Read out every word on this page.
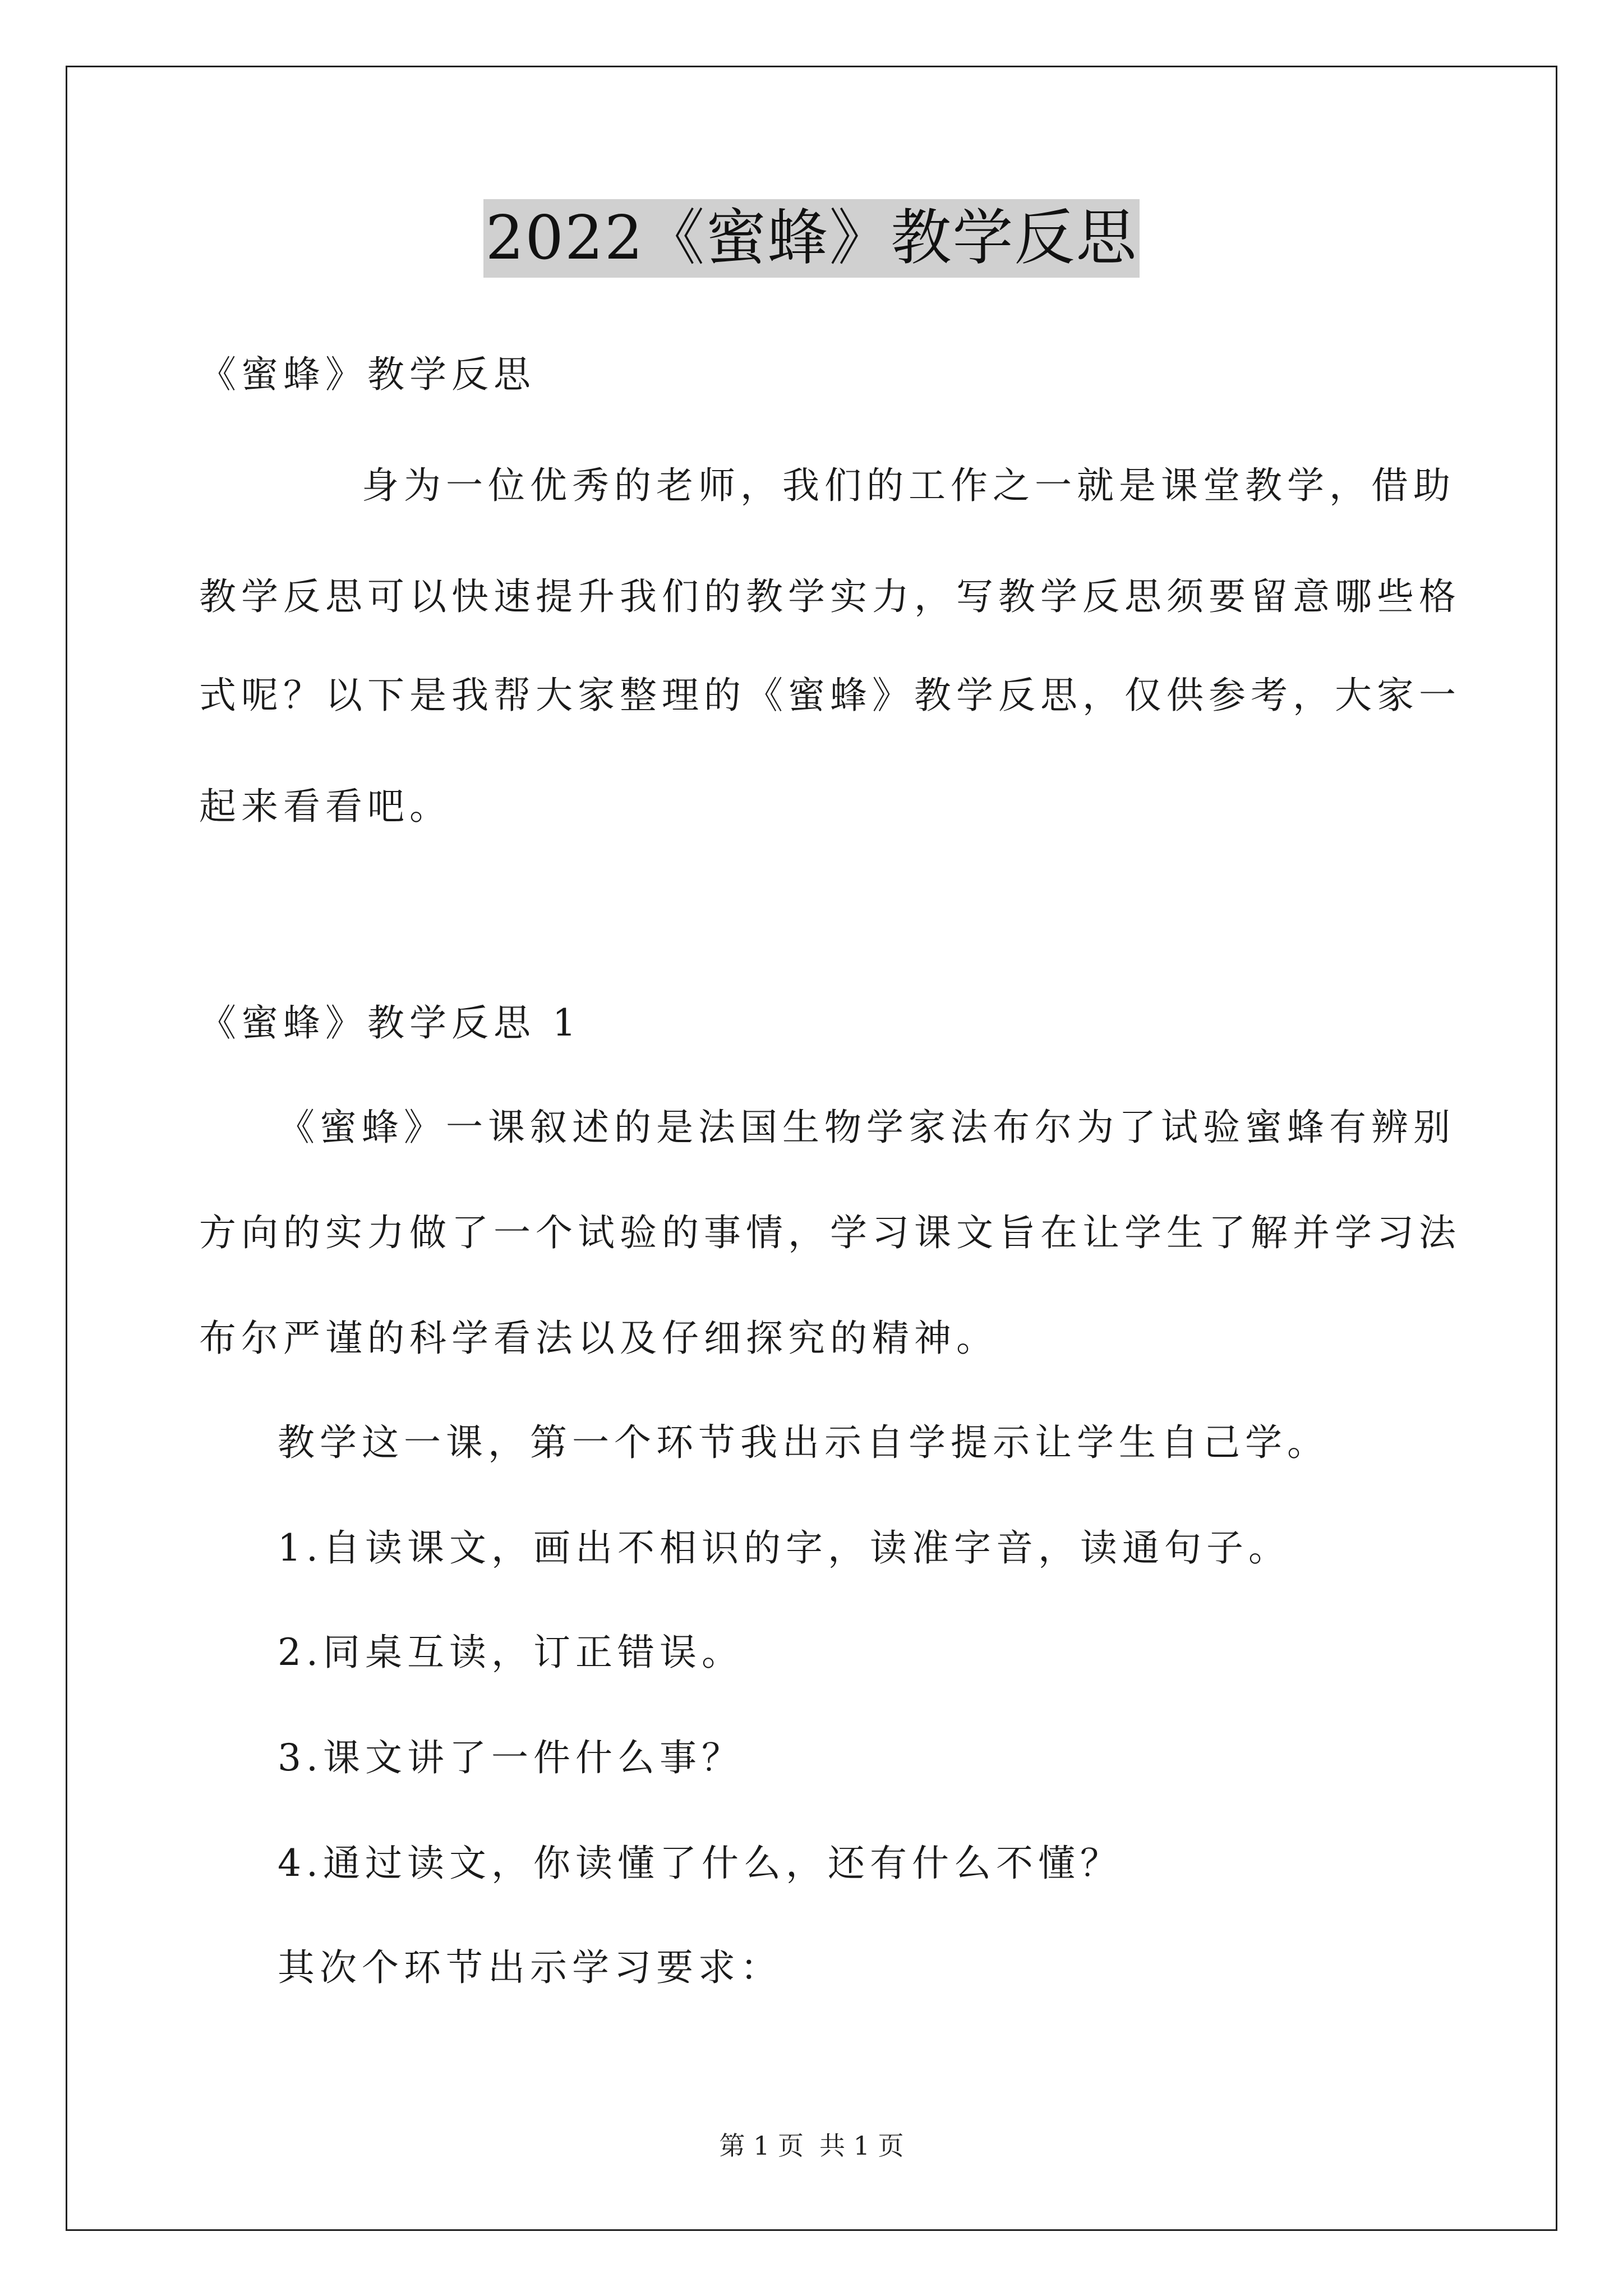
2022《蜜蜂》教学反思
《蜜蜂》教学反思
身为一位优秀的老师，我们的工作之一就是课堂教学，借助
教学反思可以快速提升我们的教学实力，写教学反思须要留意哪些格
式呢？以下是我帮大家整理的《蜜蜂》教学反思，仅供参考，大家一
起来看看吧。
《蜜蜂》教学反思 1
《蜜蜂》一课叙述的是法国生物学家法布尔为了试验蜜蜂有辨别
方向的实力做了一个试验的事情，学习课文旨在让学生了解并学习法
布尔严谨的科学看法以及仔细探究的精神。
教学这一课，第一个环节我出示自学提示让学生自己学。
1.自读课文，画出不相识的字，读准字音，读通句子。
2.同桌互读，订正错误。
3.课文讲了一件什么事？
4.通过读文，你读懂了什么，还有什么不懂？
其次个环节出示学习要求：
第 1 页 共 1 页
